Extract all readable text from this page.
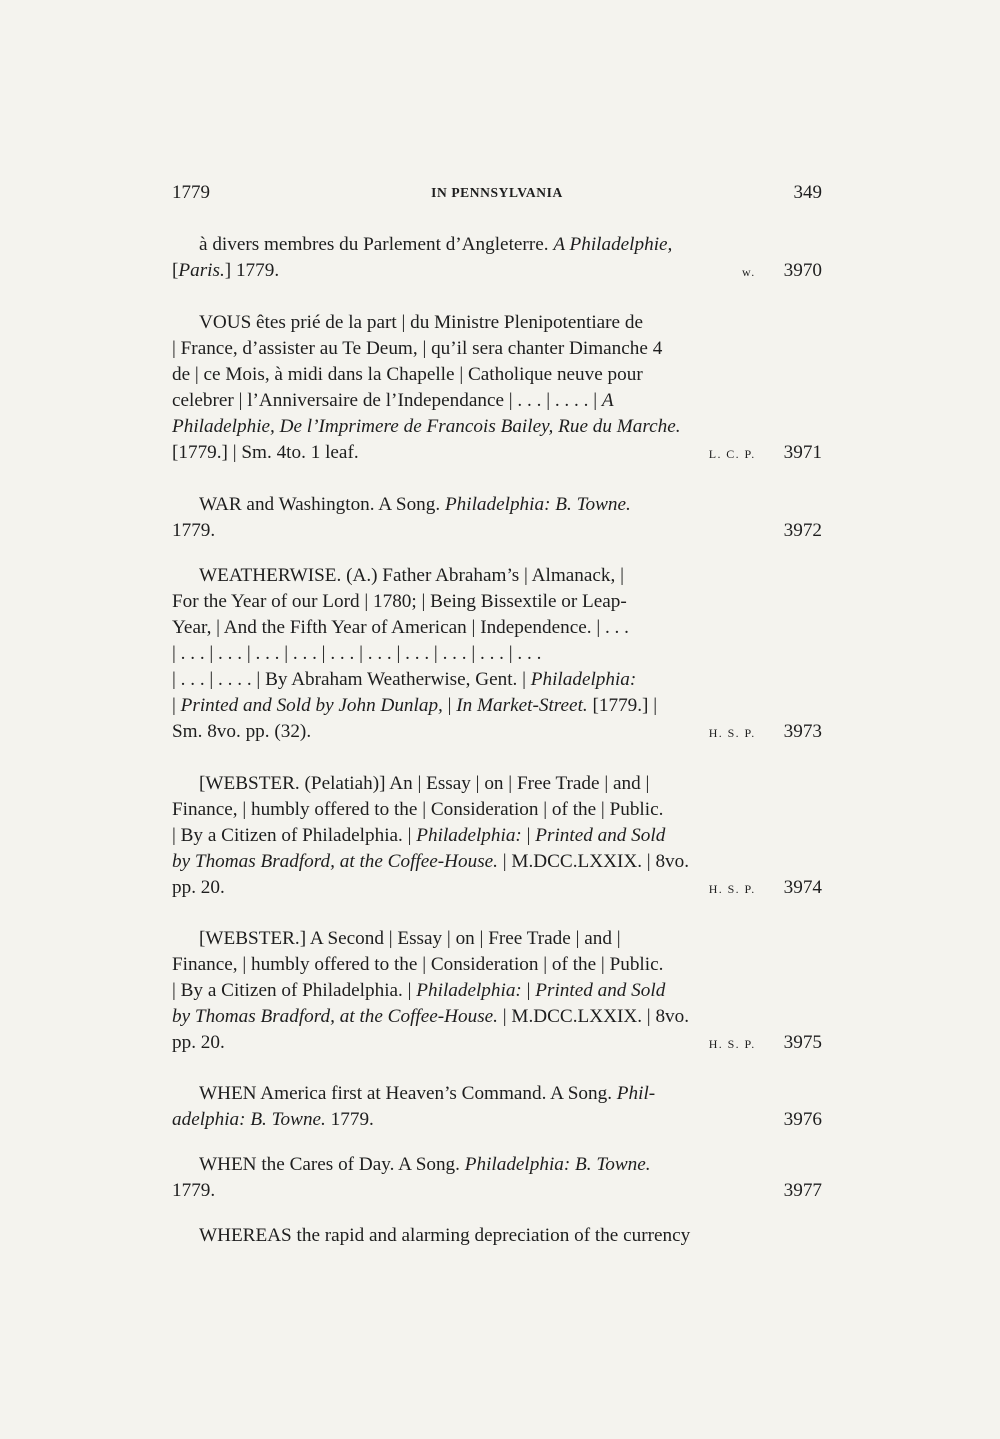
1779	IN PENNSYLVANIA	349

à divers membres du Parlement d’Angleterre. A Philadelphie,

[Paris.] 1779.	w. 3970

VOUS êtes prié de la part | du Ministre Plenipotentiare de

| France, d’assister au Te Deum, | qu’il sera chanter Dimanche 4

de | ce Mois, à midi dans la Chapelle | Catholique neuve pour

celebrer | l’Anniversaire de l’Independance | . . . | . . . . | A

Philadelphie, De l’Imprimere de Francois Bailey, Rue du Marche.

[1779.] | Sm. 4to. 1 leaf.	L. C. P. 3971

WAR and Washington. A Song. Philadelphia: B. Towne.

1779.	3972

WEATHERWISE. (A.) Father Abraham’s | Almanack, |

For the Year of our Lord | 1780; | Being Bissextile or Leap-

Year, | And the Fifth Year of American | Independence. | . . .

| . . . | . . . | . . . | . . . | . . . | . . . | . . . | . . . | . . . | . . .

| . . . | . . . . | By Abraham Weatherwise, Gent. | Philadelphia:

| Printed and Sold by John Dunlap, | In Market-Street. [1779.] |

Sm. 8vo. pp. (32).	H. S. P. 3973

[WEBSTER. (Pelatiah)] An | Essay | on | Free Trade | and |

Finance, | humbly offered to the | Consideration | of the | Public.

| By a Citizen of Philadelphia. | Philadelphia: | Printed and Sold

by Thomas Bradford, at the Coffee-House. | M.DCC.LXXIX. | 8vo.

pp. 20.	H. S. P. 3974

[WEBSTER.] A Second | Essay | on | Free Trade | and |

Finance, | humbly offered to the | Consideration | of the | Public.

| By a Citizen of Philadelphia. | Philadelphia: | Printed and Sold

by Thomas Bradford, at the Coffee-House. | M.DCC.LXXIX. | 8vo.

pp. 20.	H. S. P. 3975

WHEN America first at Heaven’s Command. A Song. Phil-

adelphia: B. Towne. 1779.	3976

WHEN the Cares of Day. A Song. Philadelphia: B. Towne.

1779.	3977

WHEREAS the rapid and alarming depreciation of the currency
